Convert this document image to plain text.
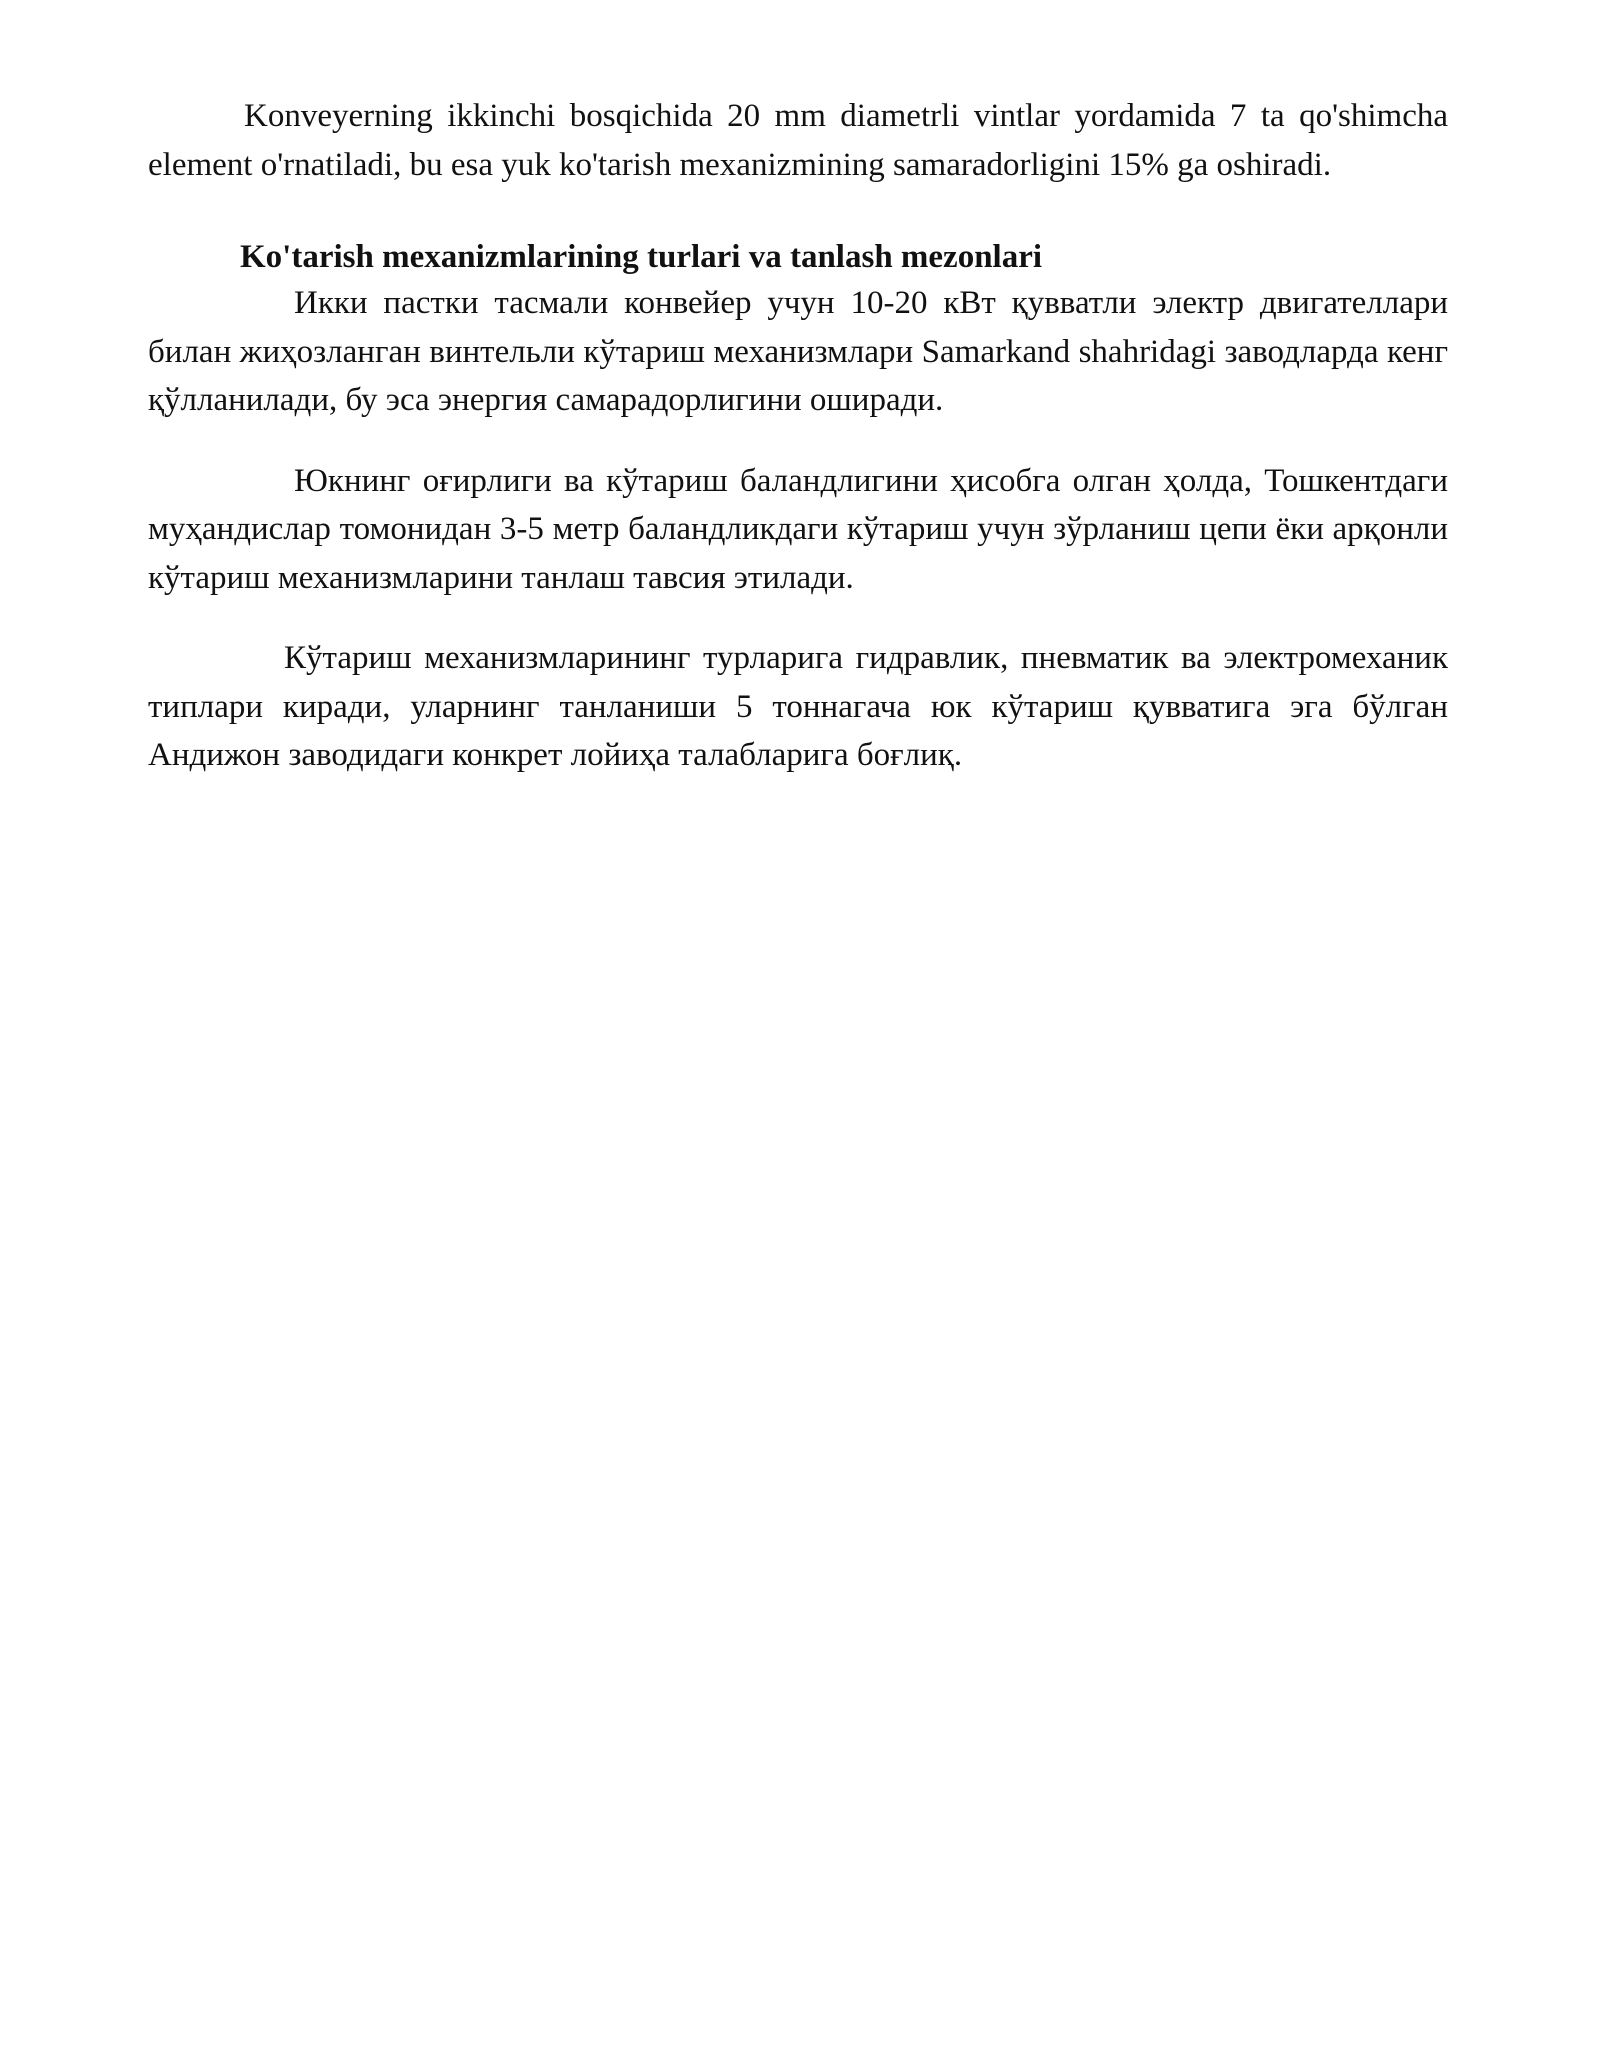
Konveyerning ikkinchi bosqichida 20 mm diametrli vintlar yordamida 7 ta qo'shimcha element o'rnatiladi, bu esa yuk ko'tarish mexanizmining samaradorligini 15% ga oshiradi.

Ko'tarish mexanizmlarining turlari va tanlash mezonlari

Икки пастки тасмали конвейер учун 10-20 кВт қувватли электр двигателлари билан жиҳозланган винтельли кўтариш механизмлари Samarkand shahridagi заводларда кенг қўлланилади, бу эса энергия самарадорлигини оширади.

Юкнинг оғирлиги ва кўтариш баландлигини ҳисобга олган ҳолда, Тошкентдаги муҳандислар томонидан 3-5 метр баландликдаги кўтариш учун зўрланиш цепи ёки арқонли кўтариш механизмларини танлаш тавсия этилади.

Кўтариш механизмларининг турларига гидравлик, пневматик ва электромеханик типлари киради, уларнинг танланиши 5 тоннагача юк кўтариш қувватига эга бўлган Андижон заводидаги конкрет лойиҳа талабларига боғлиқ.
